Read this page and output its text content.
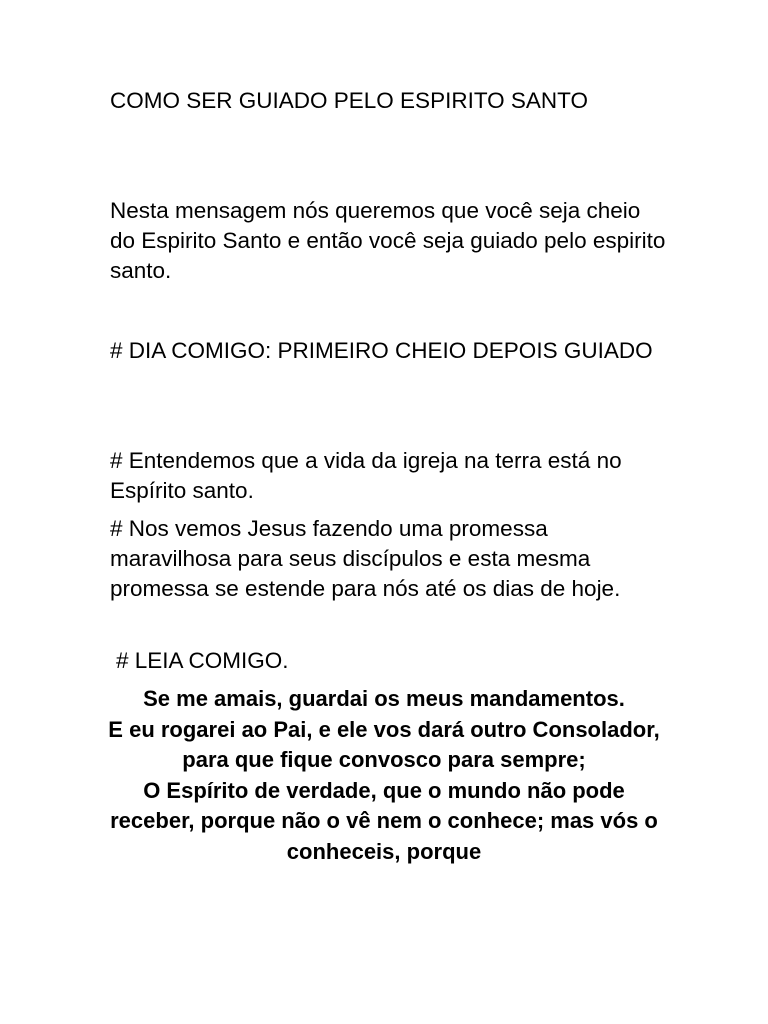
COMO SER GUIADO PELO ESPIRITO SANTO

Nesta mensagem nós queremos que você seja cheio do Espirito Santo e então você seja guiado pelo espirito santo.

# DIA COMIGO: PRIMEIRO CHEIO DEPOIS GUIADO

# Entendemos que a vida da igreja na terra está no Espírito santo.

# Nos vemos Jesus fazendo uma promessa maravilhosa para seus discípulos e esta mesma promessa se estende para nós até os dias de hoje.

# LEIA COMIGO.

Se me amais, guardai os meus mandamentos.
E eu rogarei ao Pai, e ele vos dará outro Consolador, para que fique convosco para sempre;
O Espírito de verdade, que o mundo não pode receber, porque não o vê nem o conhece; mas vós o conheceis, porque
